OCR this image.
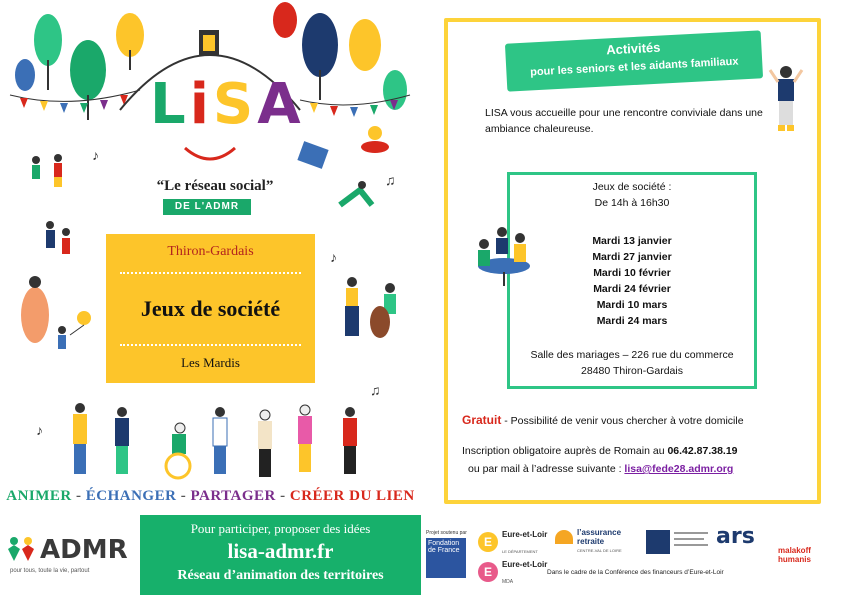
♪
♫
♪
♪
♫
LiSA
“Le réseau social”
DE L'ADMR
Thiron-Gardais
Jeux de société
Les Mardis
ANIMER - ÉCHANGER - PARTAGER - CRÉER DU LIEN
ADMR
pour tous, toute la vie, partout
Pour participer, proposer des idées
lisa-admr.fr
Réseau d’animation des territoires
Activités
pour les seniors et les aidants familiaux
LISA vous accueille pour une rencontre conviviale dans une ambiance chaleureuse.
Jeux de société :
De 14h à 16h30
Mardi 13 janvier
Mardi 27 janvier
Mardi 10 février
Mardi 24 février
Mardi 10 mars
Mardi 24 mars
Salle des mariages – 226 rue du commerce
28480 Thiron-Gardais
Gratuit - Possibilité de venir vous chercher à votre domicile
Inscription obligatoire auprès de Romain au 06.42.87.38.19
ou par mail à l’adresse suivante : lisa@fede28.admr.org
Projet soutenu par
Fondation de France
E
Eure-et-Loir
LE DÉPARTEMENT
E
Eure-et-Loir
MDA
l’assurance retraite
CENTRE-VAL DE LOIRE
ars
malakoff humanis
Dans le cadre de la Conférence des financeurs d’Eure-et-Loir
